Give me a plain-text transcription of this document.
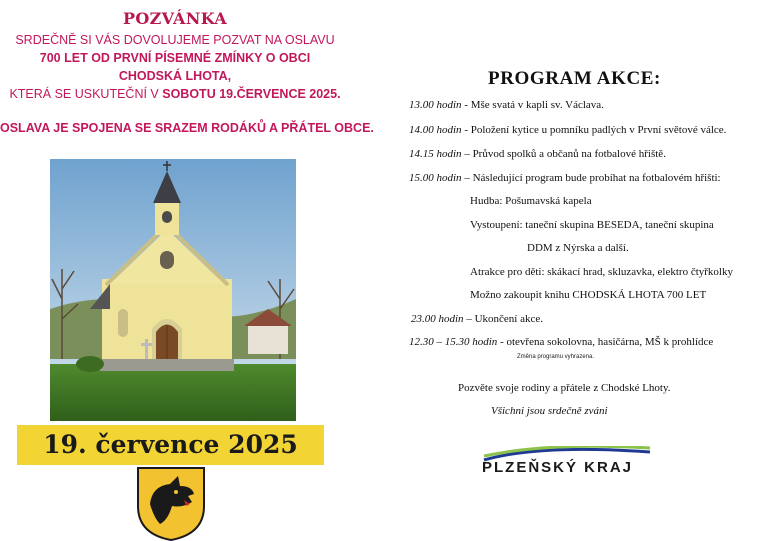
POZVÁNKA
SRDEČNĚ SI VÁS DOVOLUJEME POZVAT NA OSLAVU
700 LET OD PRVNÍ PÍSEMNÉ ZMÍNKY O OBCI
CHODSKÁ LHOTA,
KTERÁ SE USKUTEČNÍ V SOBOTU 19.ČERVENCE 2025.
OSLAVA JE SPOJENA SE SRAZEM RODÁKŮ A PŘÁTEL OBCE.
19. července 2025
PROGRAM AKCE:
13.00 hodin - Mše svatá v kapli sv. Václava.
14.00 hodin - Položení kytice u pomníku padlých v První světové válce.
14.15 hodin – Průvod spolků a občanů na fotbalové hřiště.
15.00 hodin – Následující program bude probíhat na fotbalovém hřišti:
Hudba: Pošumavská kapela
Vystoupení: taneční skupina BESEDA, taneční skupina
DDM z Nýrska a další.
Atrakce pro děti: skákací hrad, skluzavka, elektro čtyřkolky
Možno zakoupit knihu CHODSKÁ LHOTA 700 LET
23.00 hodin – Ukončení akce.
12.30 – 15.30 hodin - otevřena sokolovna, hasičárna, MŠ k prohlídce
Změna programu vyhrazena.
Pozvěte svoje rodiny a přátele z Chodské Lhoty.
Všichni jsou srdečně zváni
PLZEŇSKÝ KRAJ
